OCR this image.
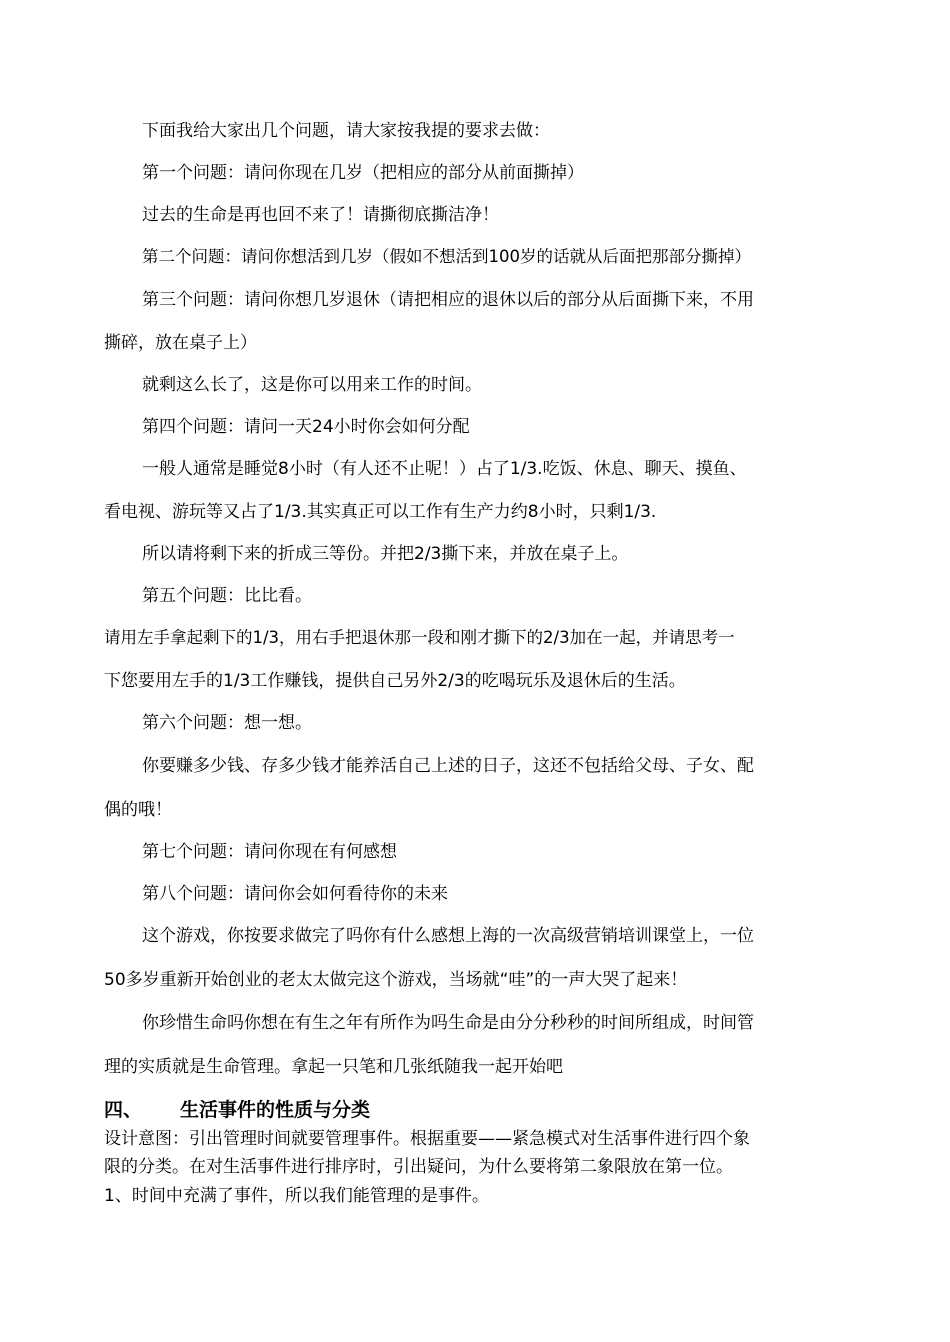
下面我给大家出几个问题，请大家按我提的要求去做：
第一个问题：请问你现在几岁（把相应的部分从前面撕掉）
过去的生命是再也回不来了！请撕彻底撕洁净！
第二个问题：请问你想活到几岁（假如不想活到100岁的话就从后面把那部分撕掉）
第三个问题：请问你想几岁退休（请把相应的退休以后的部分从后面撕下来，不用
撕碎，放在桌子上）
就剩这么长了，这是你可以用来工作的时间。
第四个问题：请问一天24小时你会如何分配
一般人通常是睡觉8小时（有人还不止呢！）占了1/3.吃饭、休息、聊天、摸鱼、
看电视、游玩等又占了1/3.其实真正可以工作有生产力约8小时，只剩1/3.
所以请将剩下来的折成三等份。并把2/3撕下来，并放在桌子上。
第五个问题：比比看。
请用左手拿起剩下的1/3，用右手把退休那一段和刚才撕下的2/3加在一起，并请思考一
下您要用左手的1/3工作赚钱，提供自己另外2/3的吃喝玩乐及退休后的生活。
第六个问题：想一想。
你要赚多少钱、存多少钱才能养活自己上述的日子，这还不包括给父母、子女、配
偶的哦！
第七个问题：请问你现在有何感想
第八个问题：请问你会如何看待你的未来
这个游戏，你按要求做完了吗你有什么感想上海的一次高级营销培训课堂上，一位
50多岁重新开始创业的老太太做完这个游戏，当场就“哇”的一声大哭了起来！
你珍惜生命吗你想在有生之年有所作为吗生命是由分分秒秒的时间所组成，时间管
理的实质就是生命管理。拿起一只笔和几张纸随我一起开始吧
四、 生活事件的性质与分类
设计意图：引出管理时间就要管理事件。根据重要——紧急模式对生活事件进行四个象
限的分类。在对生活事件进行排序时，引出疑问，为什么要将第二象限放在第一位。
1、时间中充满了事件，所以我们能管理的是事件。
